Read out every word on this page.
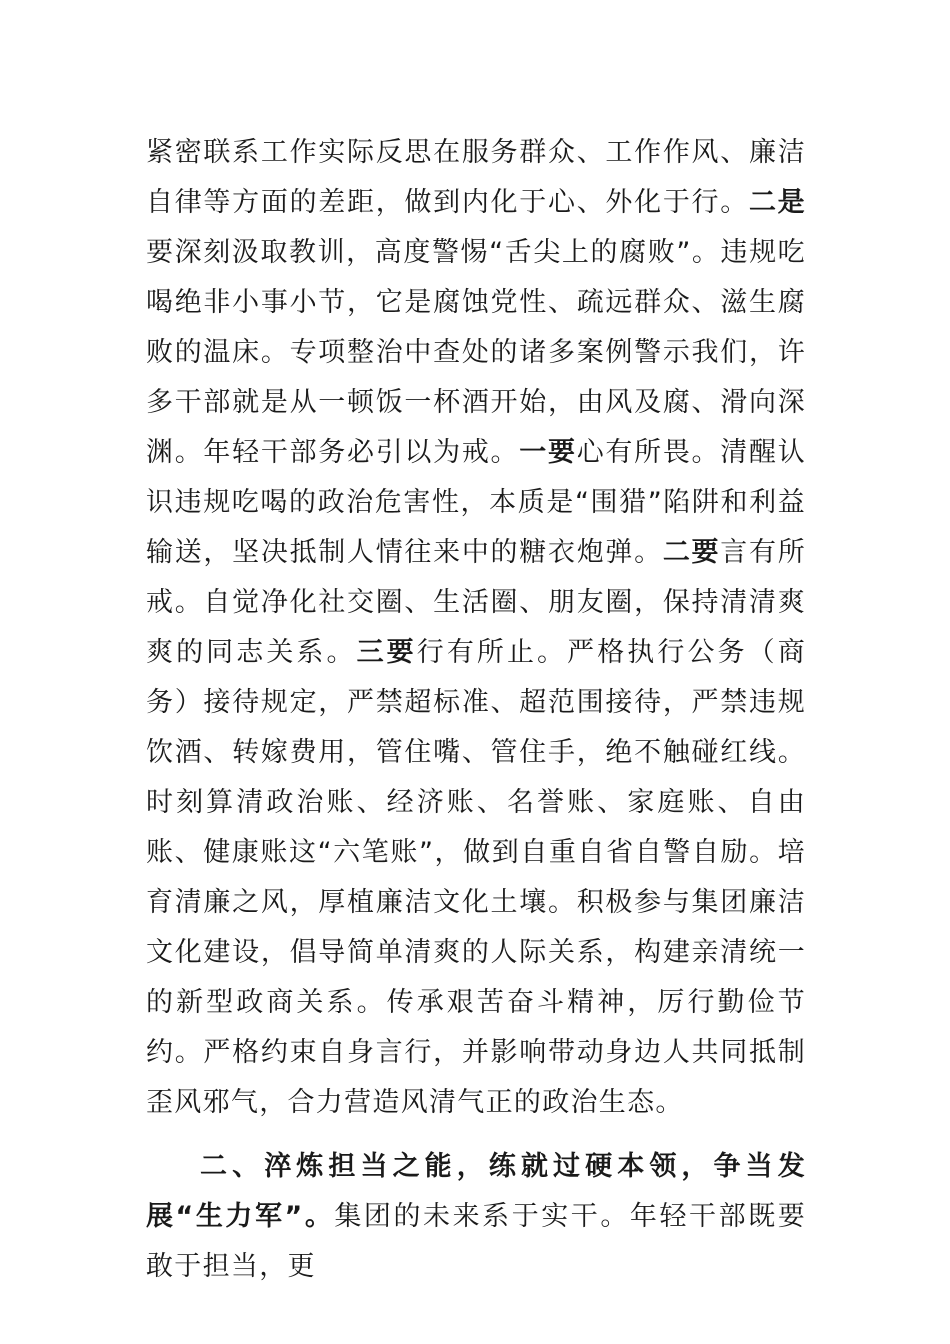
紧密联系工作实际反思在服务群众、工作作风、廉洁自律等方面的差距，做到内化于心、外化于行。二是要深刻汲取教训，高度警惕“舌尖上的腐败”。违规吃喝绝非小事小节，它是腐蚀党性、疏远群众、滋生腐败的温床。专项整治中查处的诸多案例警示我们，许多干部就是从一顿饭一杯酒开始，由风及腐、滑向深渊。年轻干部务必引以为戒。一要心有所畏。清醒认识违规吃喝的政治危害性，本质是“围猎”陷阱和利益输送，坚决抵制人情往来中的糖衣炮弹。二要言有所戒。自觉净化社交圈、生活圈、朋友圈，保持清清爽爽的同志关系。三要行有所止。严格执行公务（商务）接待规定，严禁超标准、超范围接待，严禁违规饮酒、转嫁费用，管住嘴、管住手，绝不触碰红线。时刻算清政治账、经济账、名誉账、家庭账、自由账、健康账这“六笔账”，做到自重自省自警自励。培育清廉之风，厚植廉洁文化土壤。积极参与集团廉洁文化建设，倡导简单清爽的人际关系，构建亲清统一的新型政商关系。传承艰苦奋斗精神，厉行勤俭节约。严格约束自身言行，并影响带动身边人共同抵制歪风邪气，合力营造风清气正的政治生态。

二、淬炼担当之能，练就过硬本领，争当发展“生力军”。集团的未来系于实干。年轻干部既要敢于担当，更
